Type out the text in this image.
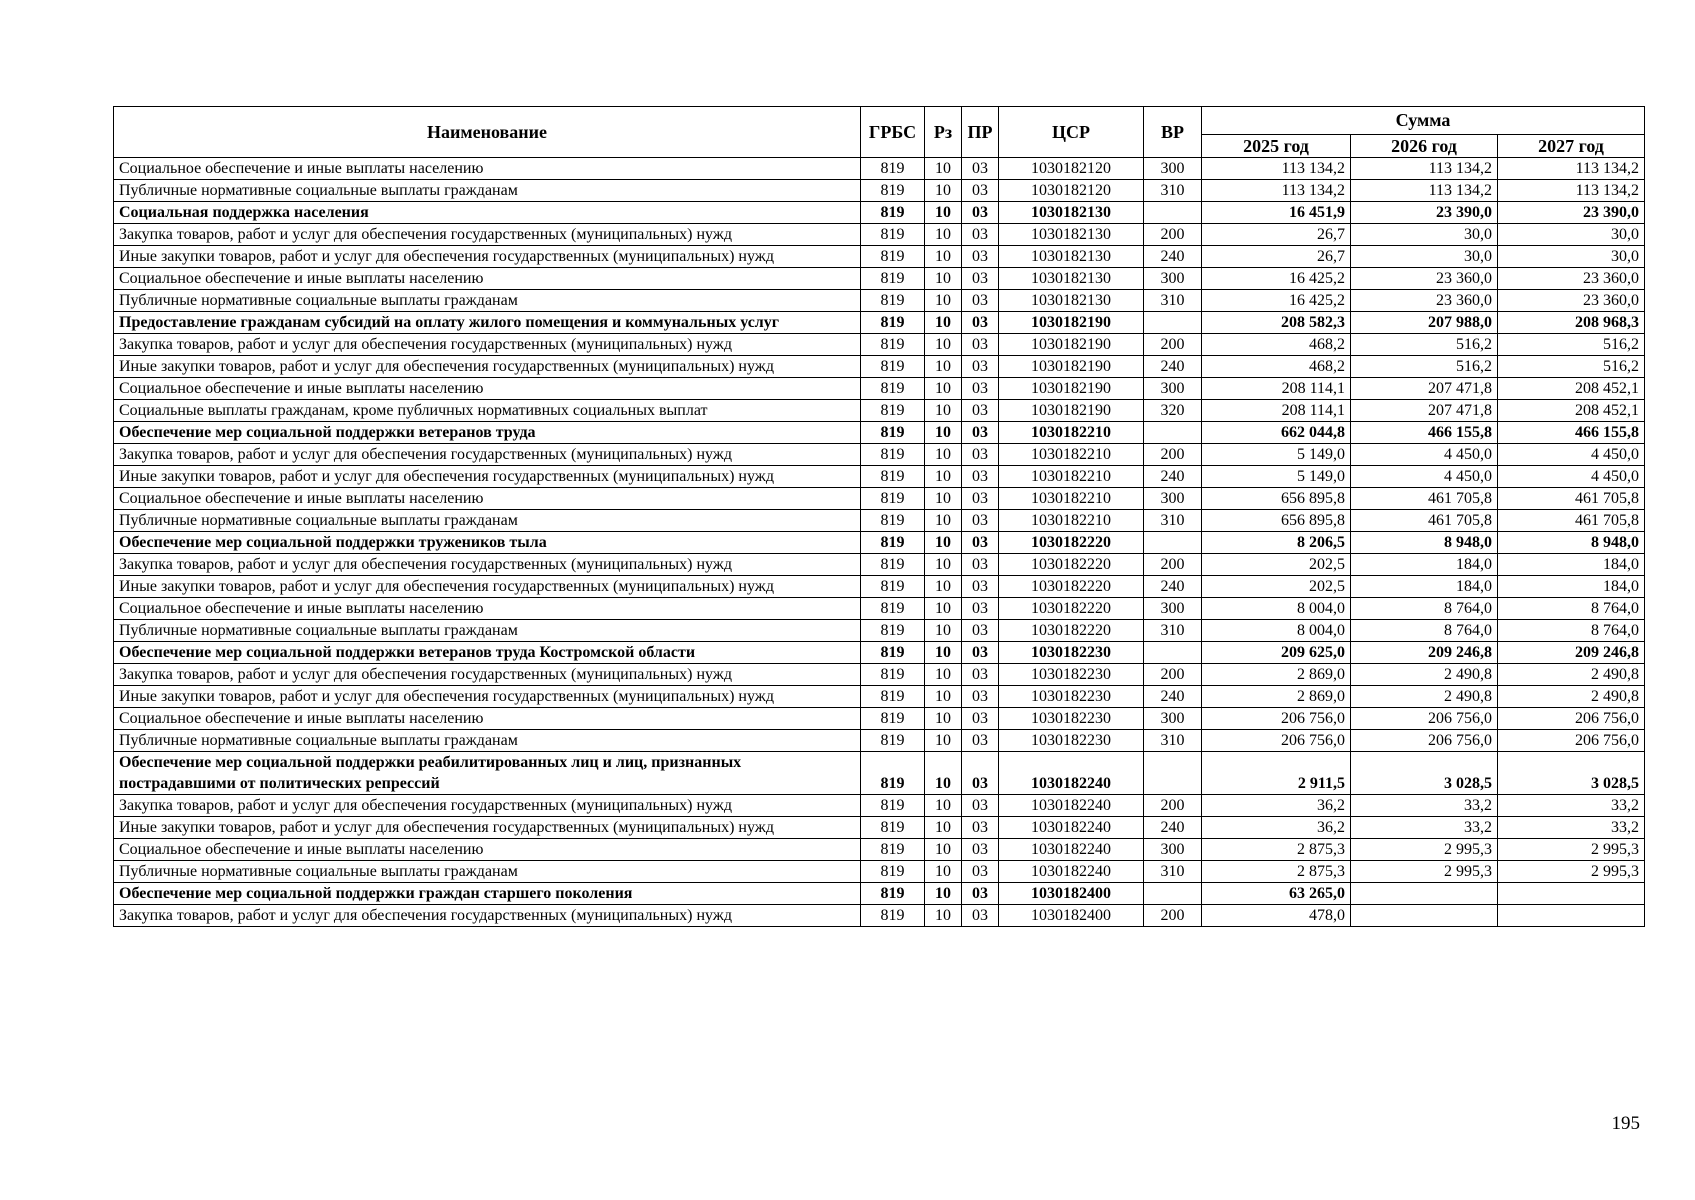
Наименование	ГРБС	Рз	ПР	ЦСР	ВР	Сумма		
						2025 год	2026 год	2027 год
Социальное обеспечение и иные выплаты населению	819	10	03	1030182120	300	113 134,2	113 134,2	113 134,2
Публичные нормативные социальные выплаты гражданам	819	10	03	1030182120	310	113 134,2	113 134,2	113 134,2
Социальная поддержка населения	819	10	03	1030182130		16 451,9	23 390,0	23 390,0
Закупка товаров, работ и услуг для обеспечения государственных (муниципальных) нужд	819	10	03	1030182130	200	26,7	30,0	30,0
Иные закупки товаров, работ и услуг для обеспечения государственных (муниципальных) нужд	819	10	03	1030182130	240	26,7	30,0	30,0
Социальное обеспечение и иные выплаты населению	819	10	03	1030182130	300	16 425,2	23 360,0	23 360,0
Публичные нормативные социальные выплаты гражданам	819	10	03	1030182130	310	16 425,2	23 360,0	23 360,0
Предоставление гражданам субсидий на оплату жилого помещения и коммунальных услуг	819	10	03	1030182190		208 582,3	207 988,0	208 968,3
Закупка товаров, работ и услуг для обеспечения государственных (муниципальных) нужд	819	10	03	1030182190	200	468,2	516,2	516,2
Иные закупки товаров, работ и услуг для обеспечения государственных (муниципальных) нужд	819	10	03	1030182190	240	468,2	516,2	516,2
Социальное обеспечение и иные выплаты населению	819	10	03	1030182190	300	208 114,1	207 471,8	208 452,1
Социальные выплаты гражданам, кроме публичных нормативных социальных выплат	819	10	03	1030182190	320	208 114,1	207 471,8	208 452,1
Обеспечение мер социальной поддержки ветеранов труда	819	10	03	1030182210		662 044,8	466 155,8	466 155,8
Закупка товаров, работ и услуг для обеспечения государственных (муниципальных) нужд	819	10	03	1030182210	200	5 149,0	4 450,0	4 450,0
Иные закупки товаров, работ и услуг для обеспечения государственных (муниципальных) нужд	819	10	03	1030182210	240	5 149,0	4 450,0	4 450,0
Социальное обеспечение и иные выплаты населению	819	10	03	1030182210	300	656 895,8	461 705,8	461 705,8
Публичные нормативные социальные выплаты гражданам	819	10	03	1030182210	310	656 895,8	461 705,8	461 705,8
Обеспечение мер социальной поддержки тружеников тыла	819	10	03	1030182220		8 206,5	8 948,0	8 948,0
Закупка товаров, работ и услуг для обеспечения государственных (муниципальных) нужд	819	10	03	1030182220	200	202,5	184,0	184,0
Иные закупки товаров, работ и услуг для обеспечения государственных (муниципальных) нужд	819	10	03	1030182220	240	202,5	184,0	184,0
Социальное обеспечение и иные выплаты населению	819	10	03	1030182220	300	8 004,0	8 764,0	8 764,0
Публичные нормативные социальные выплаты гражданам	819	10	03	1030182220	310	8 004,0	8 764,0	8 764,0
Обеспечение мер социальной поддержки ветеранов труда Костромской области	819	10	03	1030182230		209 625,0	209 246,8	209 246,8
Закупка товаров, работ и услуг для обеспечения государственных (муниципальных) нужд	819	10	03	1030182230	200	2 869,0	2 490,8	2 490,8
Иные закупки товаров, работ и услуг для обеспечения государственных (муниципальных) нужд	819	10	03	1030182230	240	2 869,0	2 490,8	2 490,8
Социальное обеспечение и иные выплаты населению	819	10	03	1030182230	300	206 756,0	206 756,0	206 756,0
Публичные нормативные социальные выплаты гражданам	819	10	03	1030182230	310	206 756,0	206 756,0	206 756,0
Обеспечение мер социальной поддержки реабилитированных лиц и лиц, признанных пострадавшими от политических репрессий	819	10	03	1030182240		2 911,5	3 028,5	3 028,5
Закупка товаров, работ и услуг для обеспечения государственных (муниципальных) нужд	819	10	03	1030182240	200	36,2	33,2	33,2
Иные закупки товаров, работ и услуг для обеспечения государственных (муниципальных) нужд	819	10	03	1030182240	240	36,2	33,2	33,2
Социальное обеспечение и иные выплаты населению	819	10	03	1030182240	300	2 875,3	2 995,3	2 995,3
Публичные нормативные социальные выплаты гражданам	819	10	03	1030182240	310	2 875,3	2 995,3	2 995,3
Обеспечение мер социальной поддержки граждан старшего поколения	819	10	03	1030182400		63 265,0		
Закупка товаров, работ и услуг для обеспечения государственных (муниципальных) нужд	819	10	03	1030182400	200	478,0		
195
